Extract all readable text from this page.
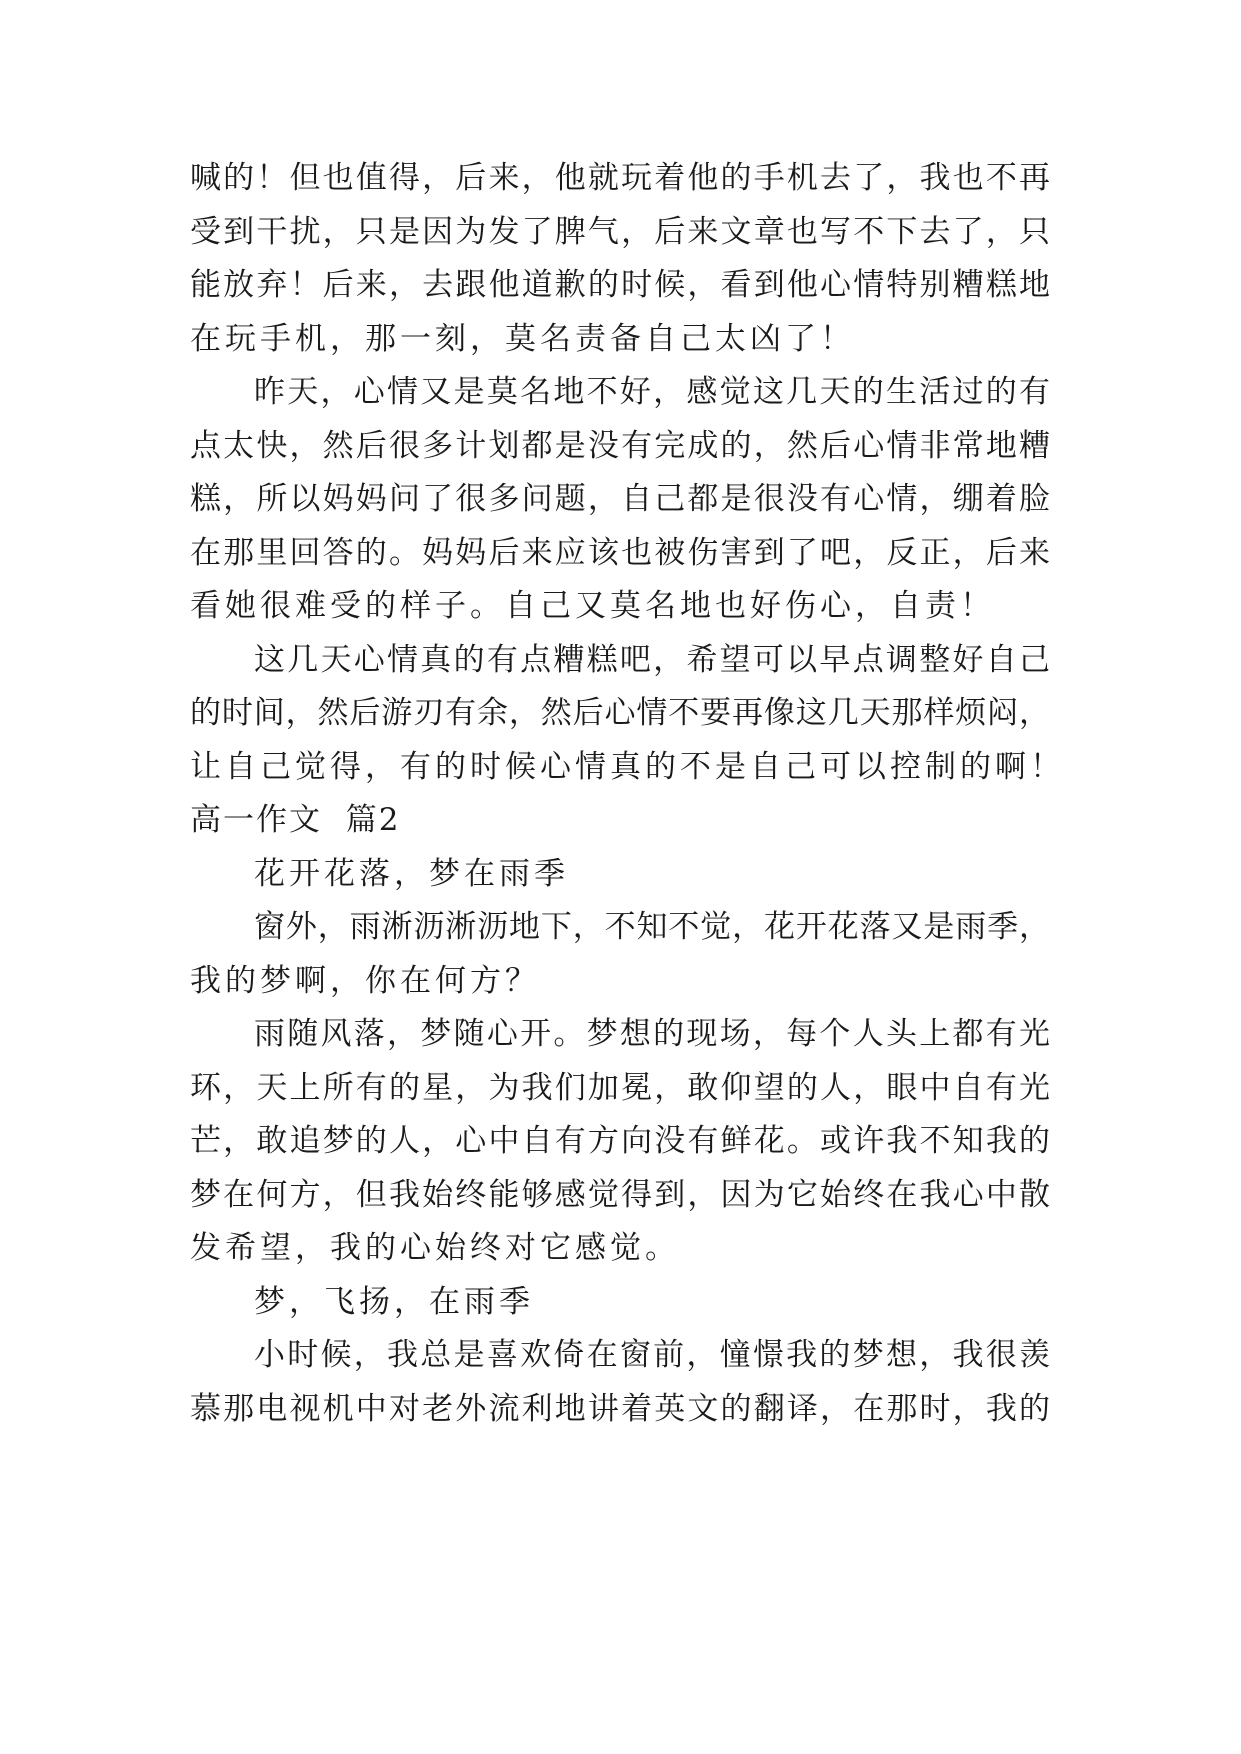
喊的！但也值得，后来，他就玩着他的手机去了，我也不再
受到干扰，只是因为发了脾气，后来文章也写不下去了，只
能放弃！后来，去跟他道歉的时候，看到他心情特别糟糕地
在玩手机，那一刻，莫名责备自己太凶了！
昨天，心情又是莫名地不好，感觉这几天的生活过的有
点太快，然后很多计划都是没有完成的，然后心情非常地糟
糕，所以妈妈问了很多问题，自己都是很没有心情，绷着脸
在那里回答的。妈妈后来应该也被伤害到了吧，反正，后来
看她很难受的样子。自己又莫名地也好伤心，自责！
这几天心情真的有点糟糕吧，希望可以早点调整好自己
的时间，然后游刃有余，然后心情不要再像这几天那样烦闷，
让自己觉得，有的时候心情真的不是自己可以控制的啊！
高一作文  篇2
花开花落，梦在雨季
窗外，雨淅沥淅沥地下，不知不觉，花开花落又是雨季，
我的梦啊，你在何方？
雨随风落，梦随心开。梦想的现场，每个人头上都有光
环，天上所有的星，为我们加冕，敢仰望的人，眼中自有光
芒，敢追梦的人，心中自有方向没有鲜花。或许我不知我的
梦在何方，但我始终能够感觉得到，因为它始终在我心中散
发希望，我的心始终对它感觉。
梦，飞扬，在雨季
小时候，我总是喜欢倚在窗前，憧憬我的梦想，我很羡
慕那电视机中对老外流利地讲着英文的翻译，在那时，我的
